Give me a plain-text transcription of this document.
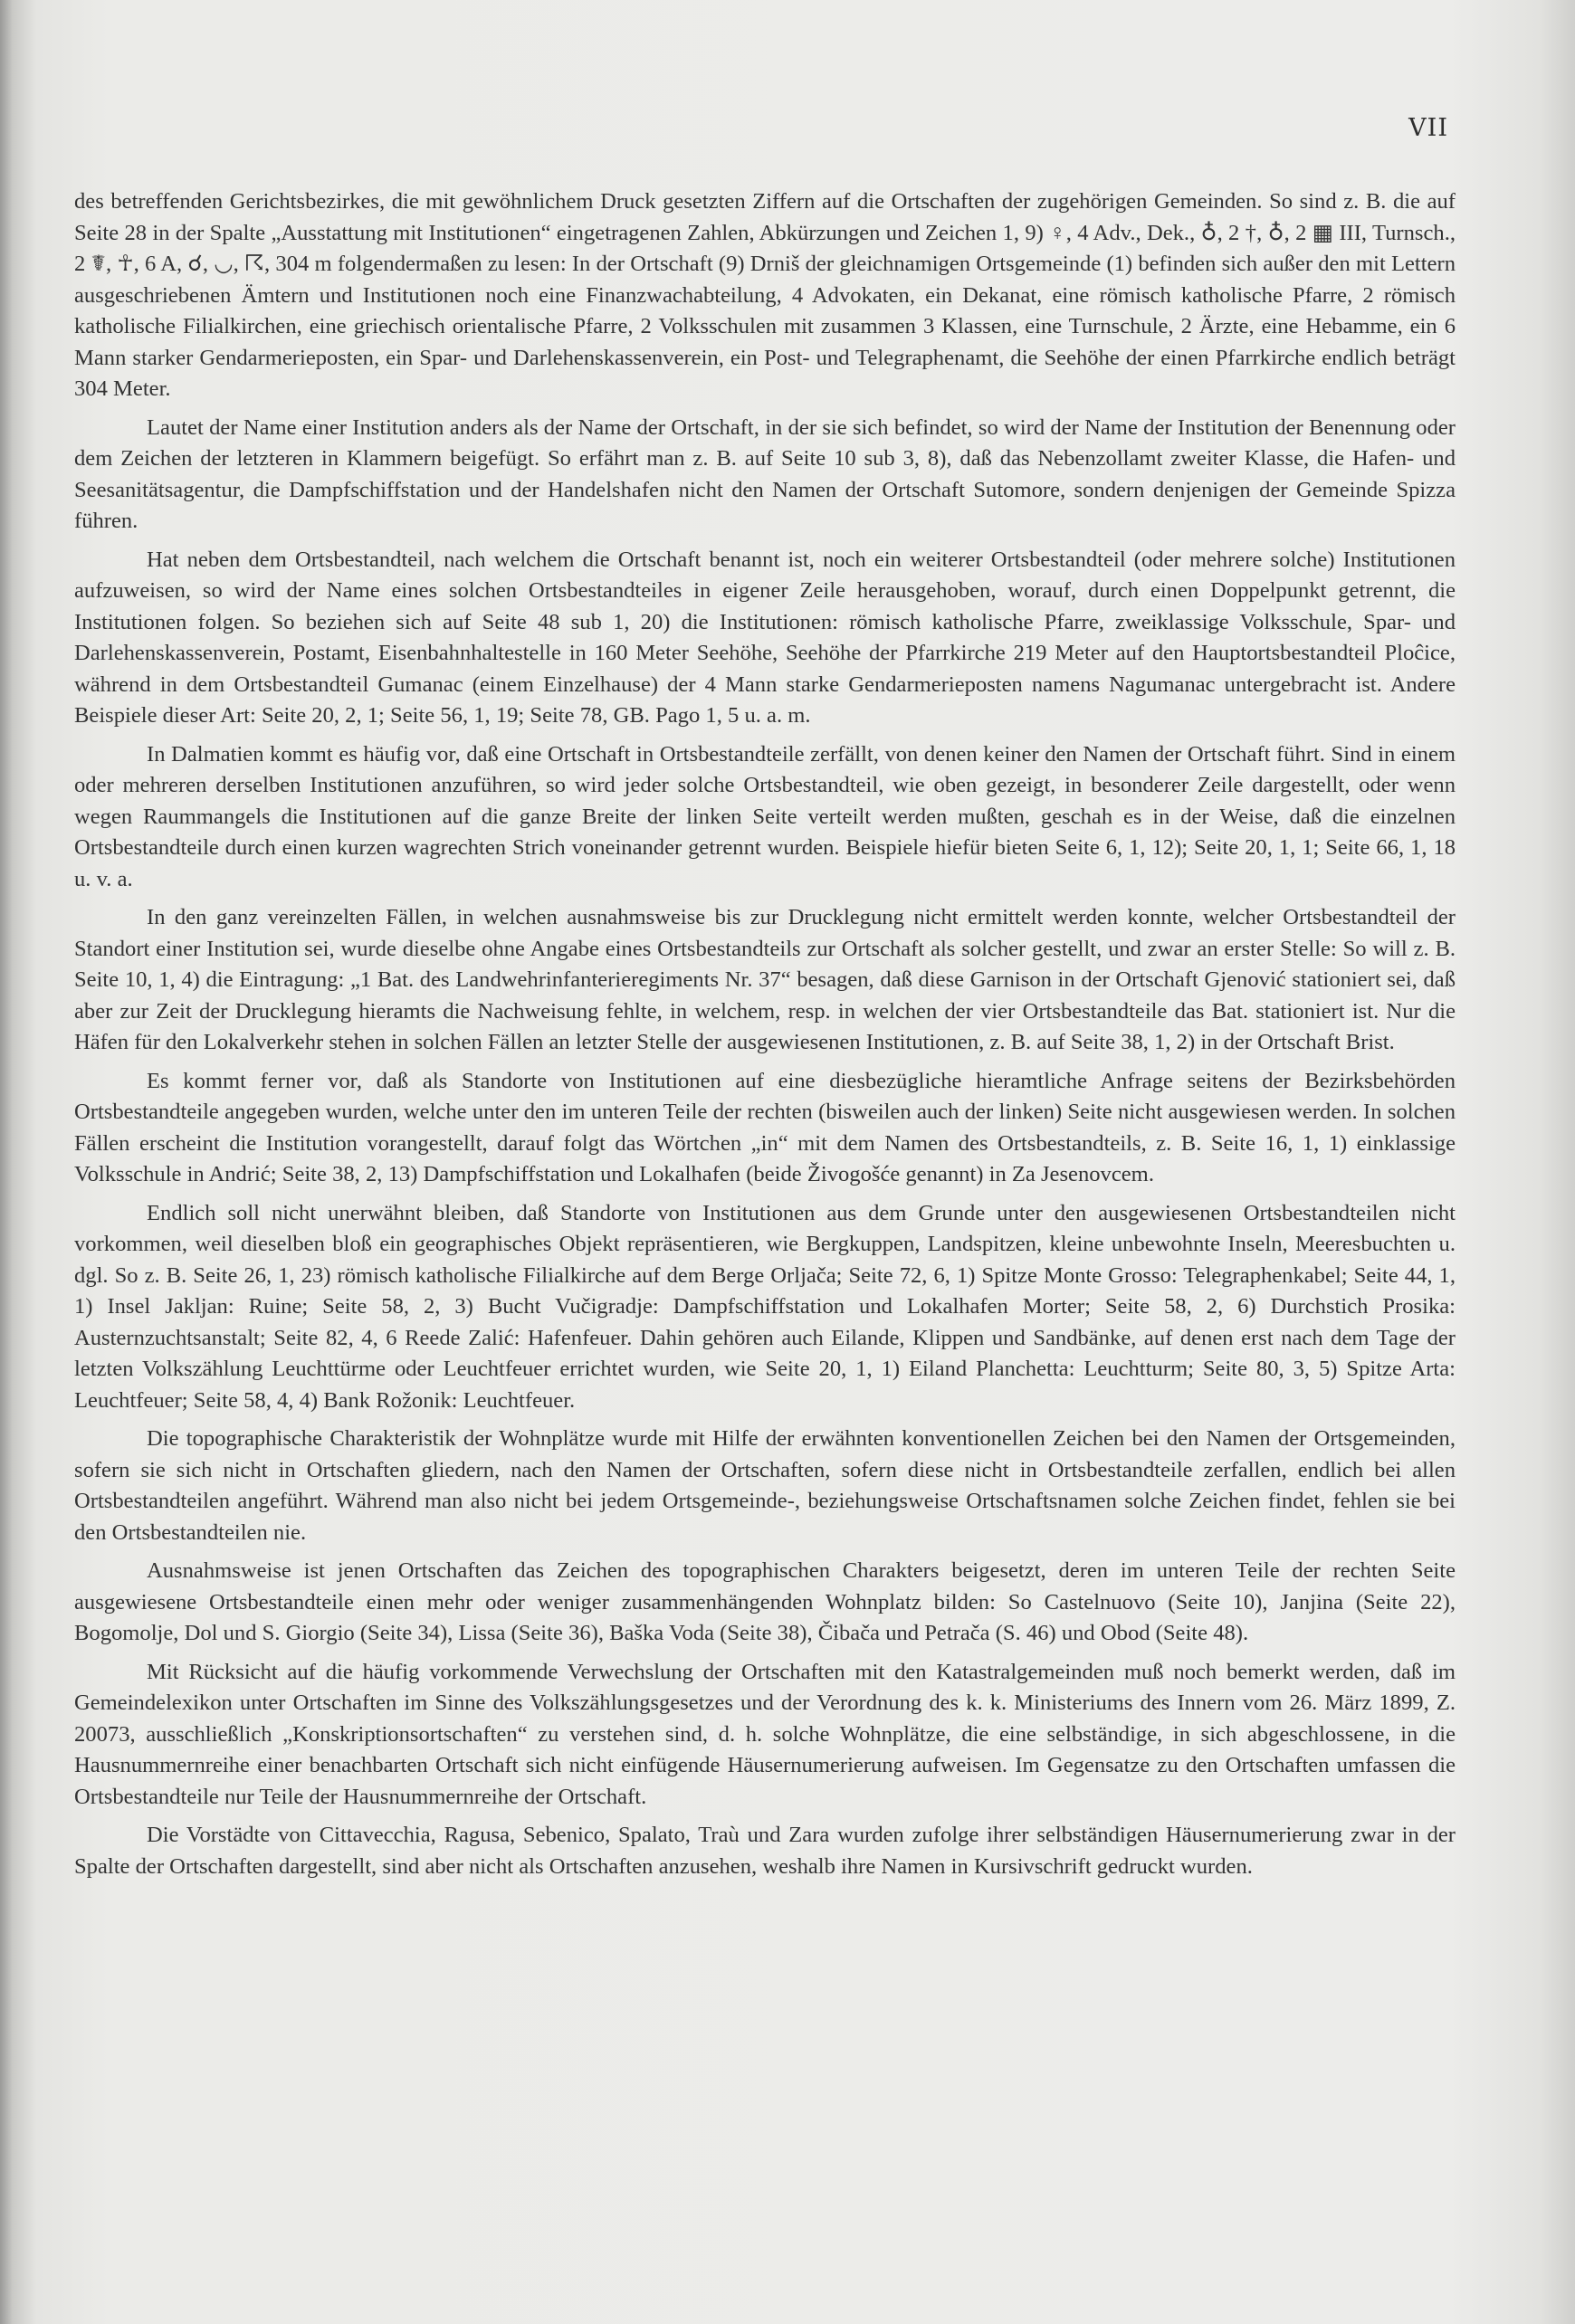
VII

des betreffenden Gerichtsbezirkes, die mit gewöhnlichem Druck gesetzten Ziffern auf die Ortschaften der zugehörigen Gemeinden. So sind z. B. die auf Seite 28 in der Spalte „Ausstattung mit Institutionen“ eingetragenen Zahlen, Abkürzungen und Zeichen 1, 9) ♀, 4 Adv., Dek., ♁, 2 †, ♁, 2 ▦ III, Turnsch., 2 ☤, ☥, 6 A, ☌, ◡, ☈, 304 m folgendermaßen zu lesen: In der Ortschaft (9) Drniš der gleichnamigen Ortsgemeinde (1) befinden sich außer den mit Lettern ausgeschriebenen Ämtern und Institutionen noch eine Finanzwachabteilung, 4 Advokaten, ein Dekanat, eine römisch katholische Pfarre, 2 römisch katholische Filialkirchen, eine griechisch orientalische Pfarre, 2 Volksschulen mit zusammen 3 Klassen, eine Turnschule, 2 Ärzte, eine Hebamme, ein 6 Mann starker Gendarmerieposten, ein Spar- und Darlehenskassenverein, ein Post- und Telegraphenamt, die Seehöhe der einen Pfarrkirche endlich beträgt 304 Meter.

Lautet der Name einer Institution anders als der Name der Ortschaft, in der sie sich befindet, so wird der Name der Institution der Benennung oder dem Zeichen der letzteren in Klammern beigefügt. So erfährt man z. B. auf Seite 10 sub 3, 8), daß das Nebenzollamt zweiter Klasse, die Hafen- und Seesanitätsagentur, die Dampfschiffstation und der Handelshafen nicht den Namen der Ortschaft Sutomore, sondern denjenigen der Gemeinde Spizza führen.

Hat neben dem Ortsbestandteil, nach welchem die Ortschaft benannt ist, noch ein weiterer Ortsbestandteil (oder mehrere solche) Institutionen aufzuweisen, so wird der Name eines solchen Ortsbestandteiles in eigener Zeile herausgehoben, worauf, durch einen Doppelpunkt getrennt, die Institutionen folgen. So beziehen sich auf Seite 48 sub 1, 20) die Institutionen: römisch katholische Pfarre, zweiklassige Volksschule, Spar- und Darlehenskassenverein, Postamt, Eisenbahnhaltestelle in 160 Meter Seehöhe, Seehöhe der Pfarrkirche 219 Meter auf den Hauptortsbestandteil Ploĉice, während in dem Ortsbestandteil Gumanac (einem Einzelhause) der 4 Mann starke Gendarmerieposten namens Nagumanac untergebracht ist. Andere Beispiele dieser Art: Seite 20, 2, 1; Seite 56, 1, 19; Seite 78, GB. Pago 1, 5 u. a. m.

In Dalmatien kommt es häufig vor, daß eine Ortschaft in Ortsbestandteile zerfällt, von denen keiner den Namen der Ortschaft führt. Sind in einem oder mehreren derselben Institutionen anzuführen, so wird jeder solche Ortsbestandteil, wie oben gezeigt, in besonderer Zeile dargestellt, oder wenn wegen Raummangels die Institutionen auf die ganze Breite der linken Seite verteilt werden mußten, geschah es in der Weise, daß die einzelnen Ortsbestandteile durch einen kurzen wagrechten Strich voneinander getrennt wurden. Beispiele hiefür bieten Seite 6, 1, 12); Seite 20, 1, 1; Seite 66, 1, 18 u. v. a.

In den ganz vereinzelten Fällen, in welchen ausnahmsweise bis zur Drucklegung nicht ermittelt werden konnte, welcher Ortsbestandteil der Standort einer Institution sei, wurde dieselbe ohne Angabe eines Ortsbestandteils zur Ortschaft als solcher gestellt, und zwar an erster Stelle: So will z. B. Seite 10, 1, 4) die Eintragung: „1 Bat. des Landwehrinfanterieregiments Nr. 37“ besagen, daß diese Garnison in der Ortschaft Gjenović stationiert sei, daß aber zur Zeit der Drucklegung hieramts die Nachweisung fehlte, in welchem, resp. in welchen der vier Ortsbestandteile das Bat. stationiert ist. Nur die Häfen für den Lokalverkehr stehen in solchen Fällen an letzter Stelle der ausgewiesenen Institutionen, z. B. auf Seite 38, 1, 2) in der Ortschaft Brist.

Es kommt ferner vor, daß als Standorte von Institutionen auf eine diesbezügliche hieramtliche Anfrage seitens der Bezirksbehörden Ortsbestandteile angegeben wurden, welche unter den im unteren Teile der rechten (bisweilen auch der linken) Seite nicht ausgewiesen werden. In solchen Fällen erscheint die Institution vorangestellt, darauf folgt das Wörtchen „in“ mit dem Namen des Ortsbestandteils, z. B. Seite 16, 1, 1) einklassige Volksschule in Andrić; Seite 38, 2, 13) Dampfschiffstation und Lokalhafen (beide Živogošće genannt) in Za Jesenovcem.

Endlich soll nicht unerwähnt bleiben, daß Standorte von Institutionen aus dem Grunde unter den ausgewiesenen Ortsbestandteilen nicht vorkommen, weil dieselben bloß ein geographisches Objekt repräsentieren, wie Bergkuppen, Landspitzen, kleine unbewohnte Inseln, Meeresbuchten u. dgl. So z. B. Seite 26, 1, 23) römisch katholische Filialkirche auf dem Berge Orljača; Seite 72, 6, 1) Spitze Monte Grosso: Telegraphenkabel; Seite 44, 1, 1) Insel Jakljan: Ruine; Seite 58, 2, 3) Bucht Vučigradje: Dampfschiffstation und Lokalhafen Morter; Seite 58, 2, 6) Durchstich Prosika: Austernzuchtsanstalt; Seite 82, 4, 6 Reede Zalić: Hafenfeuer. Dahin gehören auch Eilande, Klippen und Sandbänke, auf denen erst nach dem Tage der letzten Volkszählung Leuchttürme oder Leuchtfeuer errichtet wurden, wie Seite 20, 1, 1) Eiland Planchetta: Leuchtturm; Seite 80, 3, 5) Spitze Arta: Leuchtfeuer; Seite 58, 4, 4) Bank Rožonik: Leuchtfeuer.

Die topographische Charakteristik der Wohnplätze wurde mit Hilfe der erwähnten konventionellen Zeichen bei den Namen der Ortsgemeinden, sofern sie sich nicht in Ortschaften gliedern, nach den Namen der Ortschaften, sofern diese nicht in Ortsbestandteile zerfallen, endlich bei allen Ortsbestandteilen angeführt. Während man also nicht bei jedem Ortsgemeinde-, beziehungsweise Ortschaftsnamen solche Zeichen findet, fehlen sie bei den Ortsbestandteilen nie.

Ausnahmsweise ist jenen Ortschaften das Zeichen des topographischen Charakters beigesetzt, deren im unteren Teile der rechten Seite ausgewiesene Ortsbestandteile einen mehr oder weniger zusammenhängenden Wohnplatz bilden: So Castelnuovo (Seite 10), Janjina (Seite 22), Bogomolje, Dol und S. Giorgio (Seite 34), Lissa (Seite 36), Baška Voda (Seite 38), Čibača und Petrača (S. 46) und Obod (Seite 48).

Mit Rücksicht auf die häufig vorkommende Verwechslung der Ortschaften mit den Katastralgemeinden muß noch bemerkt werden, daß im Gemeindelexikon unter Ortschaften im Sinne des Volkszählungsgesetzes und der Verordnung des k. k. Ministeriums des Innern vom 26. März 1899, Z. 20073, ausschließlich „Konskriptionsortschaften“ zu verstehen sind, d. h. solche Wohnplätze, die eine selbständige, in sich abgeschlossene, in die Hausnummernreihe einer benachbarten Ortschaft sich nicht einfügende Häusernumerierung aufweisen. Im Gegensatze zu den Ortschaften umfassen die Ortsbestandteile nur Teile der Hausnummernreihe der Ortschaft.

Die Vorstädte von Cittavecchia, Ragusa, Sebenico, Spalato, Traù und Zara wurden zufolge ihrer selbständigen Häusernumerierung zwar in der Spalte der Ortschaften dargestellt, sind aber nicht als Ortschaften anzusehen, weshalb ihre Namen in Kursivschrift gedruckt wurden.
